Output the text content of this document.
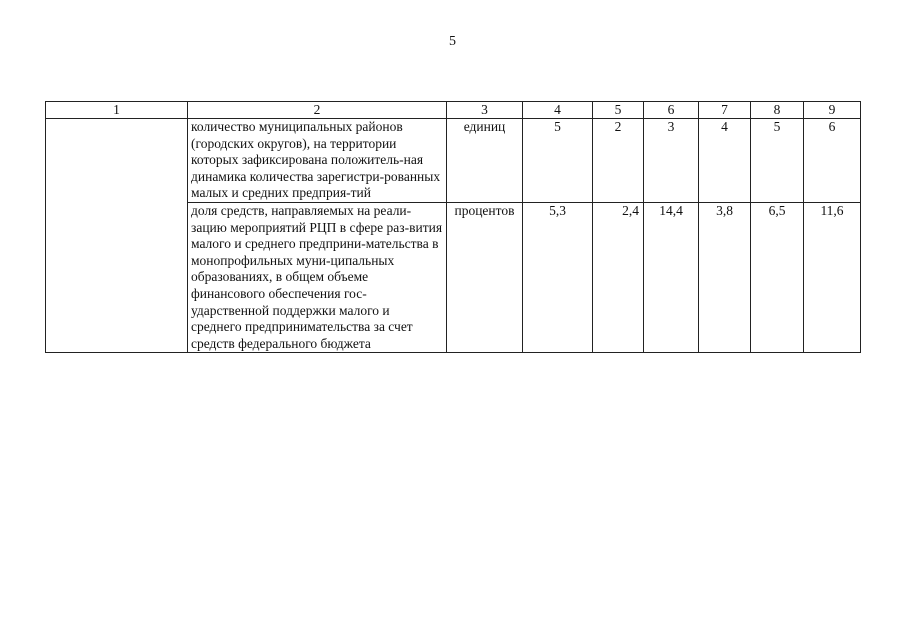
5
1	2	3	4	5	6	7	8	9
	количество муниципальных районов (городских округов), на территории которых зафиксирована положитель-ная динамика количества зарегистри-рованных малых и средних предприя-тий	единиц	5	2	3	4	5	6
	доля средств, направляемых на реали-зацию мероприятий РЦП в сфере раз-вития малого и среднего предприни-мательства в монопрофильных муни-ципальных образованиях, в общем объеме финансового обеспечения гос-ударственной поддержки малого и среднего предпринимательства за счет средств федерального бюджета	процентов	5,3	2,4	14,4	3,8	6,5	11,6
